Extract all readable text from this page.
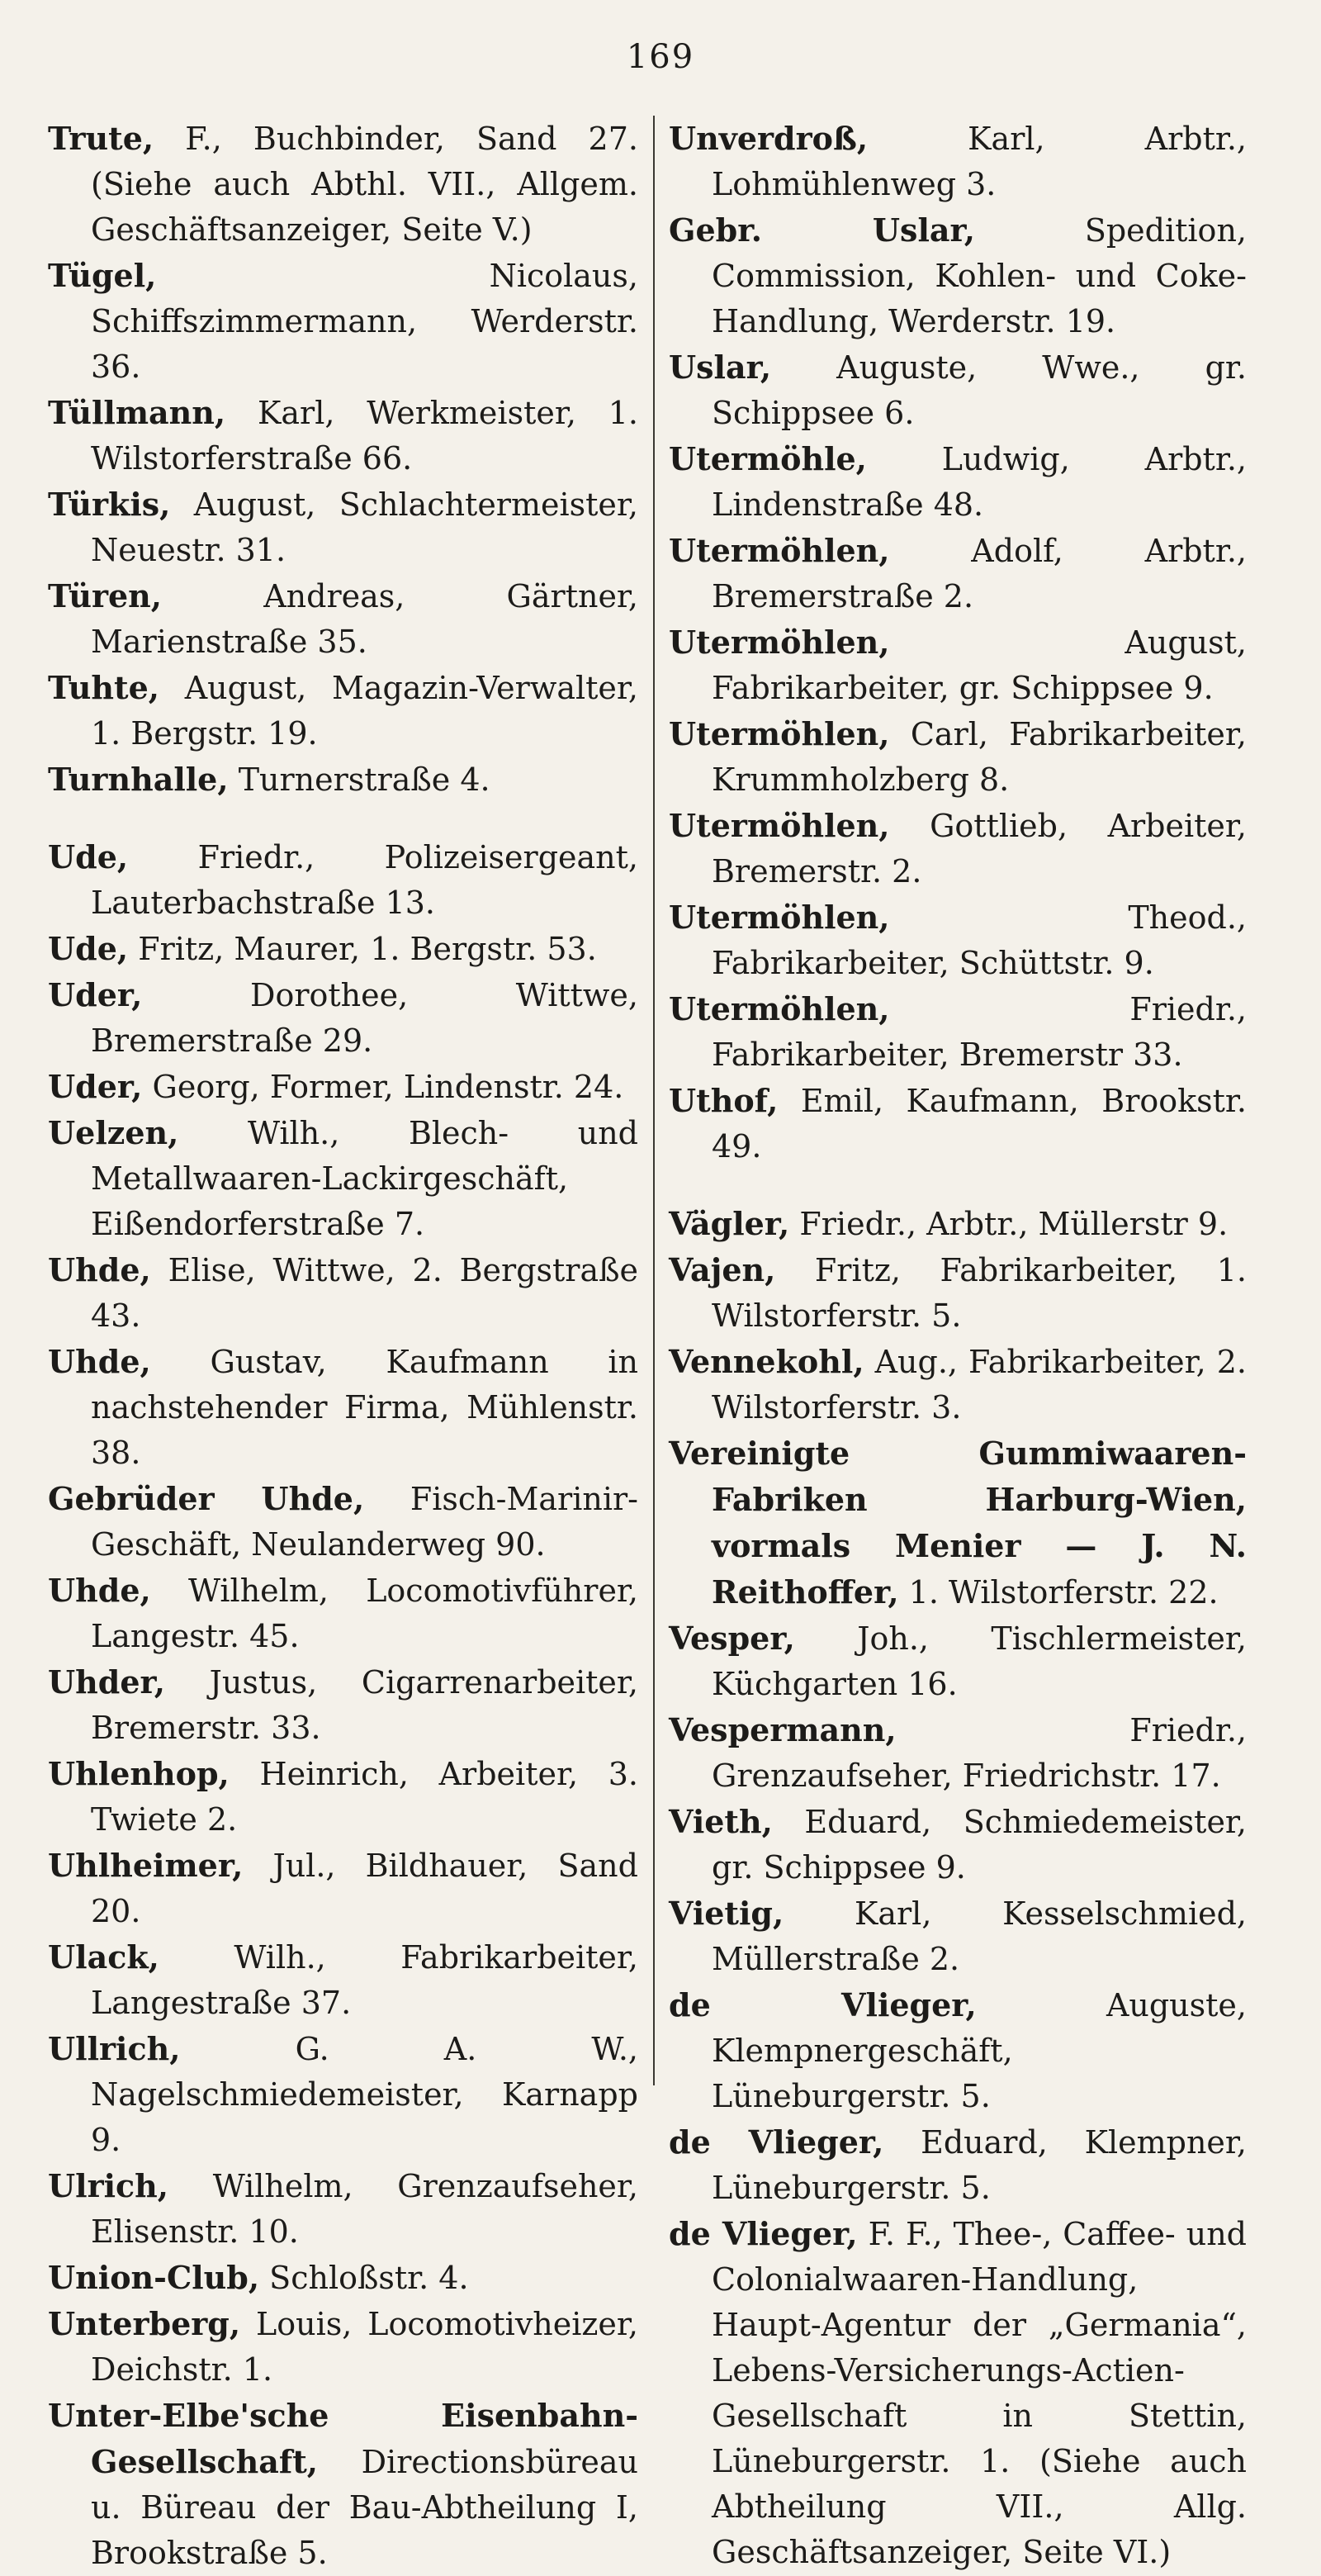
169
Trute, F., Buchbinder, Sand 27. (Siehe auch Abthl. VII., Allgem. Geschäftsanzeiger, Seite V.)
Tügel,	Nicolaus, Schiffszimmermann, Werderstr. 36.
Tüllmann, Karl, Werkmeister, 1. Wilstorferstraße 66.
Türkis, August, Schlachtermeister, Neuestr. 31.
Türen,	Andreas, Gärtner, Marienstraße 35.
Tuhte, August, Magazin-Verwalter, 1. Bergstr. 19.
Turnhalle, Turnerstraße 4.
Ude, Friedr., Polizeisergeant, Lauterbachstraße 13.
Ude, Fritz, Maurer, 1. Bergstr. 53.
Uder,	Dorothee, Wittwe, Bremerstraße 29.
Uder, Georg, Former, Lindenstr. 24.
Uelzen, Wilh., Blech- und Metallwaaren-Lackirgeschäft, Eißendorferstraße 7.
Uhde, Elise, Wittwe, 2. Bergstraße 43.
Uhde, Gustav, Kaufmann in nachstehender Firma, Mühlenstr. 38.
Gebrüder Uhde, Fisch-Marinir-Geschäft, Neulanderweg 90.
Uhde, Wilhelm, Locomotivführer, Langestr. 45.
Uhder, Justus, Cigarrenarbeiter, Bremerstr. 33.
Uhlenhop, Heinrich, Arbeiter, 3. Twiete 2.
Uhlheimer, Jul., Bildhauer, Sand 20.
Ulack, Wilh., Fabrikarbeiter, Langestraße 37.
Ullrich,	G. A. W., Nagelschmiedemeister, Karnapp 9.
Ulrich, Wilhelm, Grenzaufseher, Elisenstr. 10.
Union-Club, Schloßstr. 4.
Unterberg, Louis, Locomotivheizer, Deichstr. 1.
Unter-Elbe'sche Eisenbahn-Gesellschaft, Directionsbüreau u. Büreau der Bau-Abtheilung I, Brookstraße 5.
Unverdroß,	Karl, Arbtr., Lohmühlenweg 3.
Gebr. Uslar,	Spedition, Commission, Kohlen- und Coke-Handlung, Werderstr. 19.
Uslar, Auguste, Wwe., gr. Schippsee 6.
Utermöhle, Ludwig, Arbtr., Lindenstraße 48.
Utermöhlen,	Adolf, Arbtr., Bremerstraße 2.
Utermöhlen,	August, Fabrikarbeiter, gr. Schippsee 9.
Utermöhlen, Carl, Fabrikarbeiter, Krummholzberg 8.
Utermöhlen, Gottlieb, Arbeiter, Bremerstr. 2.
Utermöhlen,	Theod., Fabrikarbeiter, Schüttstr. 9.
Utermöhlen,	Friedr., Fabrikarbeiter, Bremerstr 33.
Uthof, Emil, Kaufmann, Brookstr. 49.
Vägler, Friedr., Arbtr., Müllerstr 9.
Vajen, Fritz, Fabrikarbeiter, 1. Wilstorferstr. 5.
Vennekohl, Aug., Fabrikarbeiter, 2. Wilstorferstr. 3.
Vereinigte Gummiwaaren-Fabriken Harburg-Wien, vormals Menier — J. N. Reithoffer, 1. Wilstorferstr. 22.
Vesper, Joh., Tischlermeister, Küchgarten 16.
Vespermann,	Friedr., Grenzaufseher, Friedrichstr. 17.
Vieth, Eduard, Schmiedemeister, gr. Schippsee 9.
Vietig, Karl, Kesselschmied, Müllerstraße 2.
de Vlieger,	Auguste, Klempnergeschäft, Lüneburgerstr. 5.
de Vlieger, Eduard, Klempner, Lüneburgerstr. 5.
de Vlieger, F. F., Thee-, Caffee- und Colonialwaaren-Handlung, Haupt-Agentur der „Germania“, Lebens-Versicherungs-Actien-Gesellschaft in Stettin, Lüneburgerstr. 1. (Siehe auch Abtheilung VII., Allg. Geschäftsanzeiger, Seite VI.)
